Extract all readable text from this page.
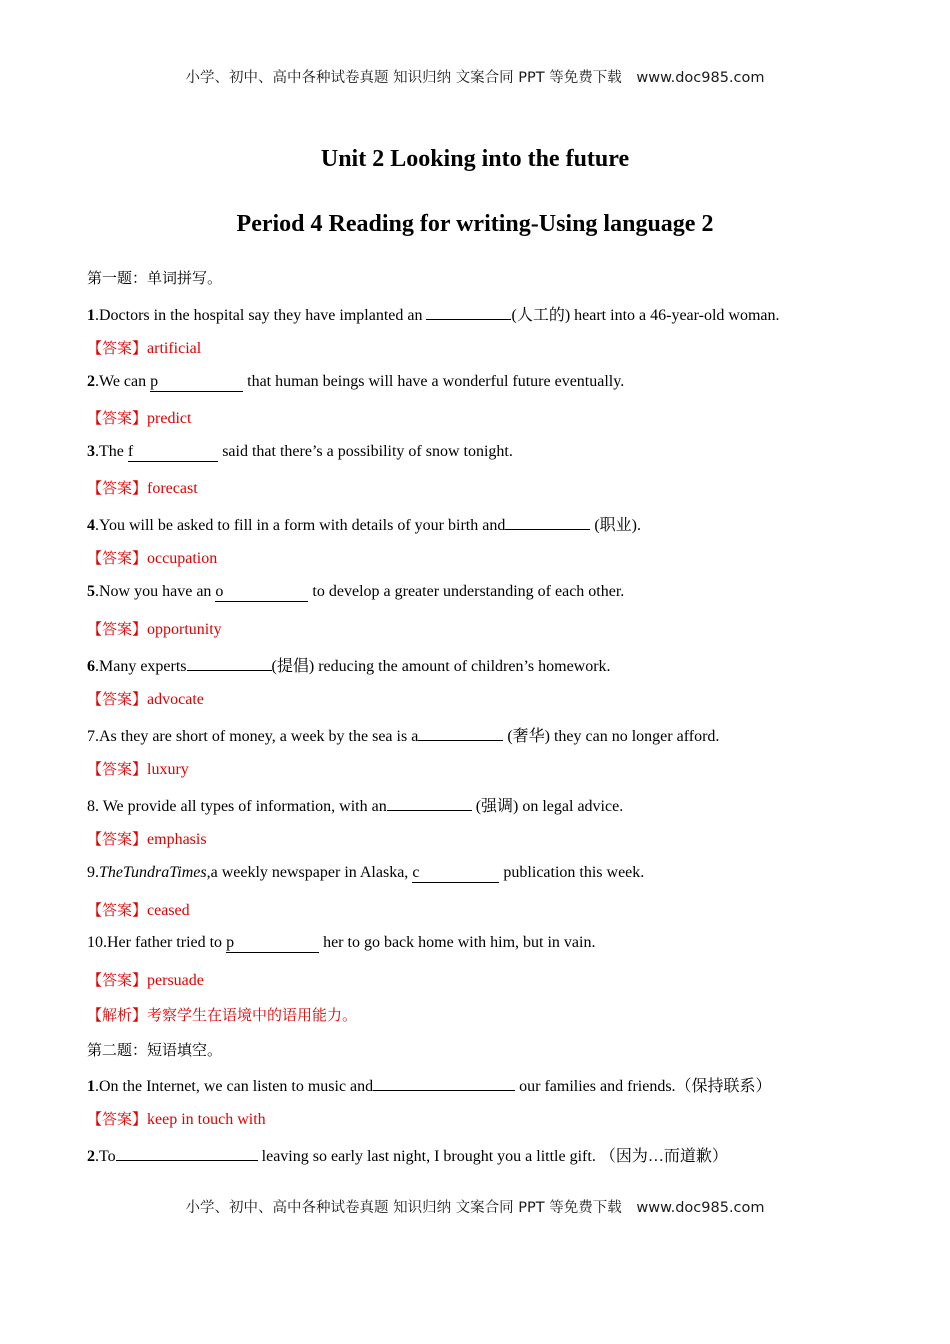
小学、初中、高中各种试卷真题 知识归纳 文案合同 PPT 等免费下载 www.doc985.com
Unit 2 Looking into the future
Period 4 Reading for writing-Using language 2
第一题：单词拼写。
1.Doctors in the hospital say they have implanted an	(人工的) heart into a 46-year-old woman.
【答案】artificial
2.We can p	that human beings will have a wonderful future eventually.
【答案】predict
3.The f	said that there’s a possibility of snow tonight.
【答案】forecast
4.You will be asked to fill in a form with details of your birth and	(职业).
【答案】occupation
5.Now you have an o	to develop a greater understanding of each other.
【答案】opportunity
6.Many experts	(提倡) reducing the amount of children’s homework.
【答案】advocate
7.As they are short of money, a week by the sea is a	(奢华) they can no longer afford.
【答案】luxury
8. We provide all types of information, with an	(强调) on legal advice.
【答案】emphasis
9.TheTundraTimes,a weekly newspaper in Alaska, c	publication this week.
【答案】ceased
10.Her father tried to p	her to go back home with him, but in vain.
【答案】persuade
【解析】考察学生在语境中的语用能力。
第二题：短语填空。
1.On the Internet, we can listen to music and	our families and friends.（保持联系）
【答案】keep in touch with
2.To	leaving so early last night, I brought you a little gift. （因为…而道歉）
小学、初中、高中各种试卷真题 知识归纳 文案合同 PPT 等免费下载 www.doc985.com
